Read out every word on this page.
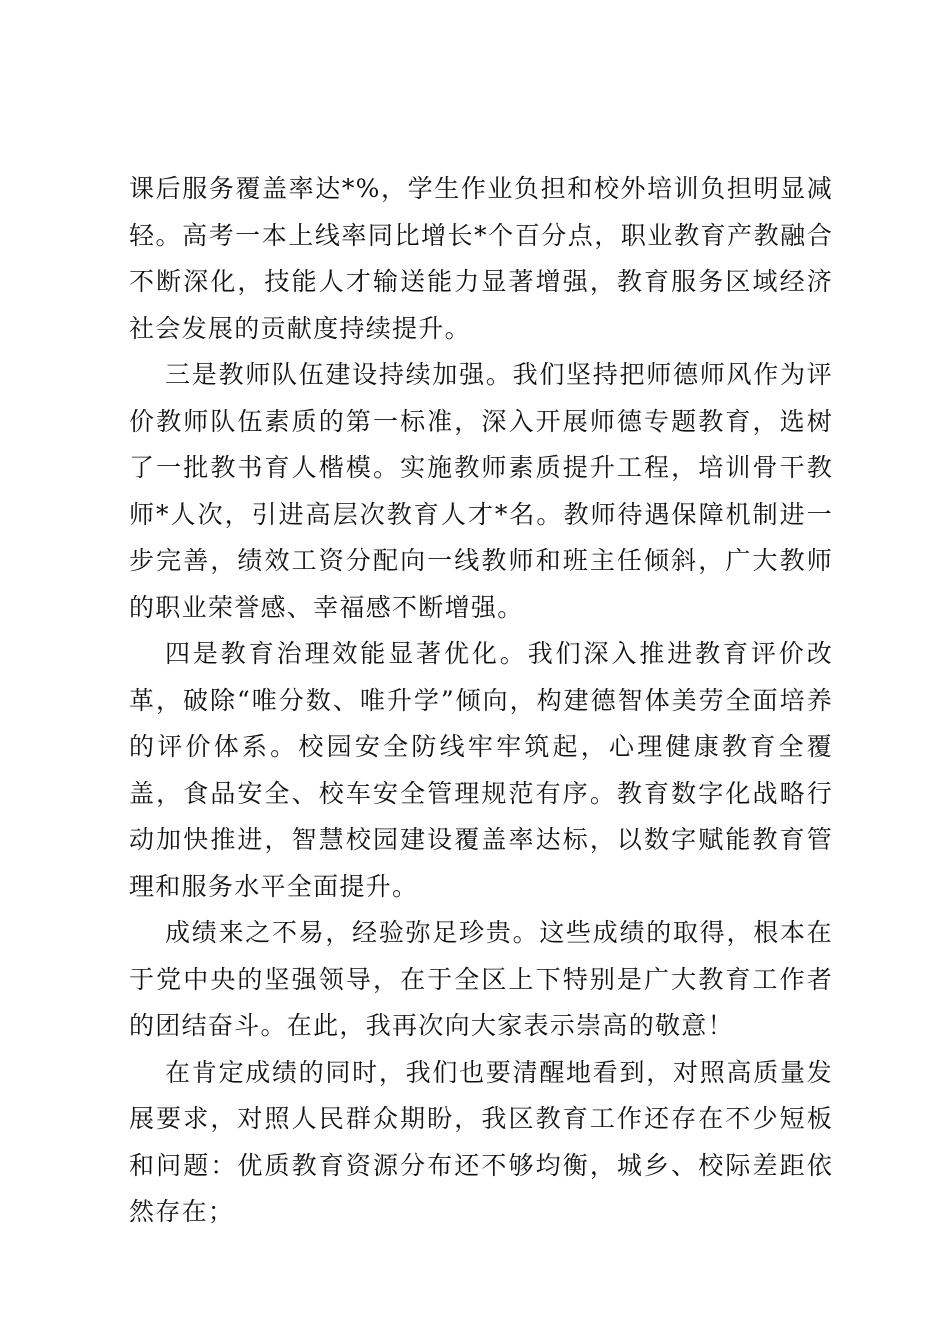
课后服务覆盖率达*%，学生作业负担和校外培训负担明显减轻。高考一本上线率同比增长*个百分点，职业教育产教融合不断深化，技能人才输送能力显著增强，教育服务区域经济社会发展的贡献度持续提升。

三是教师队伍建设持续加强。我们坚持把师德师风作为评价教师队伍素质的第一标准，深入开展师德专题教育，选树了一批教书育人楷模。实施教师素质提升工程，培训骨干教师*人次，引进高层次教育人才*名。教师待遇保障机制进一步完善，绩效工资分配向一线教师和班主任倾斜，广大教师的职业荣誉感、幸福感不断增强。

四是教育治理效能显著优化。我们深入推进教育评价改革，破除“唯分数、唯升学”倾向，构建德智体美劳全面培养的评价体系。校园安全防线牢牢筑起，心理健康教育全覆盖，食品安全、校车安全管理规范有序。教育数字化战略行动加快推进，智慧校园建设覆盖率达标，以数字赋能教育管理和服务水平全面提升。

成绩来之不易，经验弥足珍贵。这些成绩的取得，根本在于党中央的坚强领导，在于全区上下特别是广大教育工作者的团结奋斗。在此，我再次向大家表示崇高的敬意！

在肯定成绩的同时，我们也要清醒地看到，对照高质量发展要求，对照人民群众期盼，我区教育工作还存在不少短板和问题：优质教育资源分布还不够均衡，城乡、校际差距依然存在；
